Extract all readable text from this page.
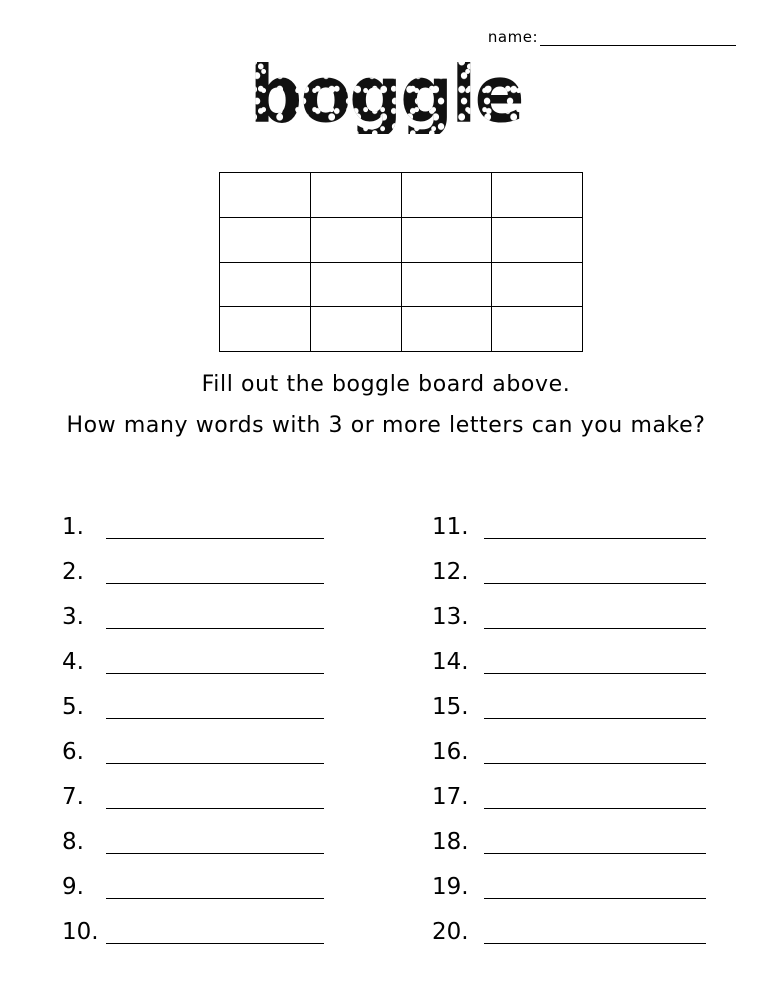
name:
boggle

Fill out the boggle board above.

How many words with 3 or more letters can you make?

1.
2.
3.
4.
5.
6.
7.
8.
9.
10.
11.
12.
13.
14.
15.
16.
17.
18.
19.
20.
